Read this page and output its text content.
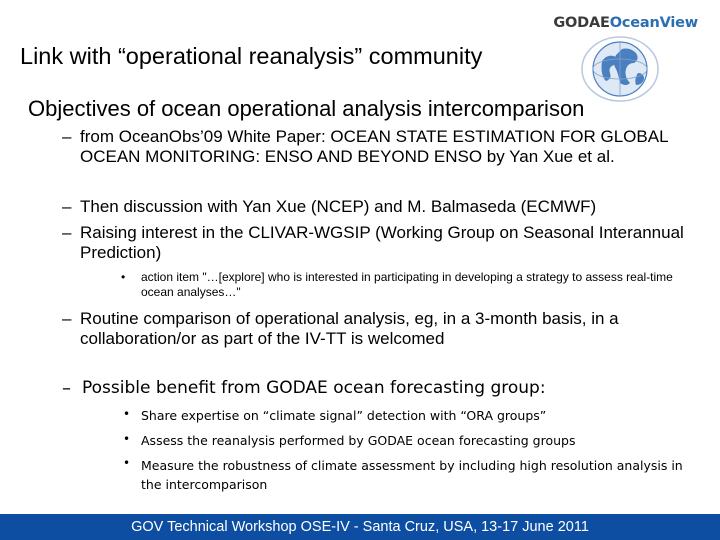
GODAEOceanView
Link with “operational reanalysis” community
Objectives of ocean operational analysis intercomparison
– from OceanObs’09 White Paper: OCEAN STATE ESTIMATION FOR GLOBAL OCEAN MONITORING: ENSO AND BEYOND ENSO by Yan Xue et al.
– Then discussion with Yan Xue (NCEP) and M. Balmaseda (ECMWF)
– Raising interest in the CLIVAR-WGSIP (Working Group on Seasonal Interannual Prediction)
• action item "…[explore] who is interested in participating in developing a strategy to assess real-time ocean analyses…"
– Routine comparison of operational analysis, eg, in a 3-month basis, in a collaboration/or as part of the IV-TT is welcomed
– Possible benefit from GODAE ocean forecasting group:
• Share expertise on “climate signal” detection with “ORA groups”
• Assess the reanalysis performed by GODAE ocean forecasting groups
• Measure the robustness of climate assessment by including high resolution analysis in the intercomparison
GOV Technical Workshop OSE-IV - Santa Cruz, USA, 13-17 June 2011
